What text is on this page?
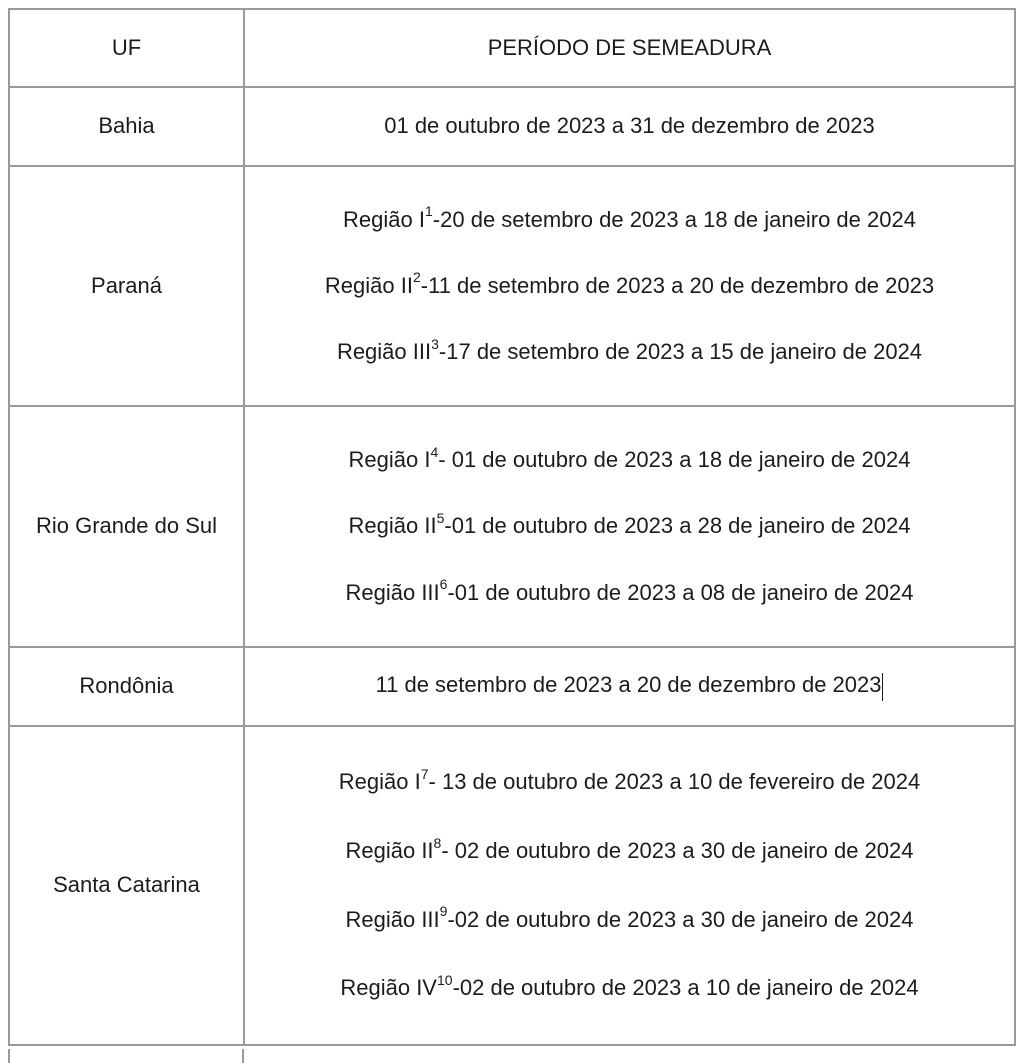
UF	PERÍODO DE SEMEADURA
Bahia	01 de outubro de 2023 a 31 de dezembro de 2023
Paraná	Região $I^1-20$ de setembro de 2023 a 18 de janeiro de 2024

Região $II^2-11$ de setembro de 2023 a 20 de dezembro de 2023

Região III$^3$-17 de setembro de 2023 a 15 de janeiro de 2024

Rio Grande do Sul	Região $I^4-$ 01 de outubro de 2023 a 18 de janeiro de 2024

Região $II^5-01$ de outubro de 2023 a 28 de janeiro de 2024

Região III$^6$-01 de outubro de 2023 a 08 de janeiro de 2024

Rondônia	11 de setembro de 2023 a 20 de dezembro de 2023
Santa Catarina	Região $I^7-$ 13 de outubro de 2023 a 10 de fevereiro de 2024

Região $II^8-$ 02 de outubro de 2023 a 30 de janeiro de 2024

Região III$^9$-02 de outubro de 2023 a 30 de janeiro de 2024

Região IV$^{10}$-02 de outubro de 2023 a 10 de janeiro de 2024
